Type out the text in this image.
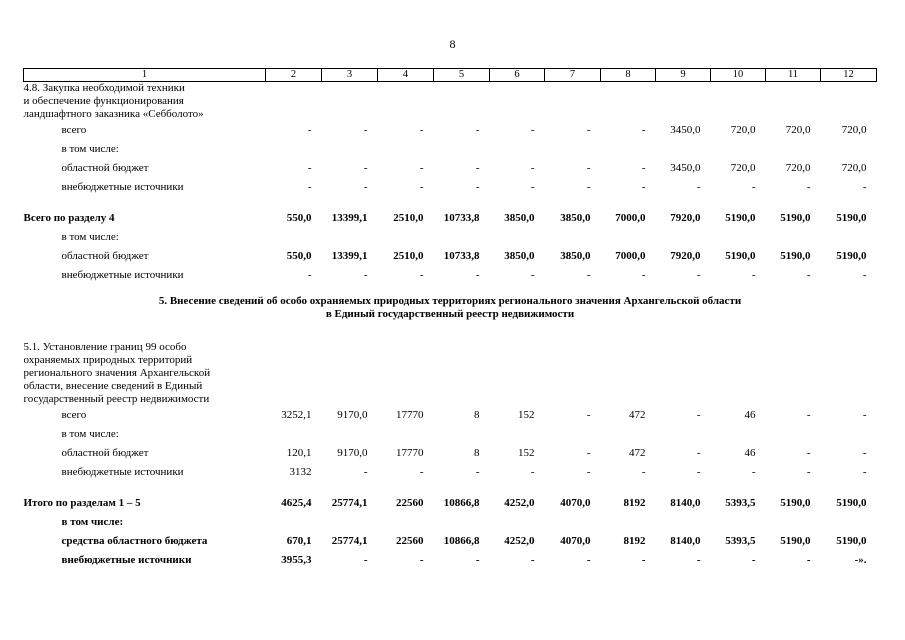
8
1	2	3	4	5	6	7	8	9	10	11	12

4.8. Закупка необходимой техники
и обеспечение функционирования
ландшафтного заказника «Себболото»											

всего	-	-	-	-	-	-	-	3450,0	720,0	720,0	720,0
в том числе:											
областной бюджет	-	-	-	-	-	-	-	3450,0	720,0	720,0	720,0
внебюджетные источники	-	-	-	-	-	-	-	-	-	-	-

Всего по разделу 4	550,0	13399,1	2510,0	10733,8	3850,0	3850,0	7000,0	7920,0	5190,0	5190,0	5190,0
в том числе:											
областной бюджет	550,0	13399,1	2510,0	10733,8	3850,0	3850,0	7000,0	7920,0	5190,0	5190,0	5190,0
внебюджетные источники	-	-	-	-	-	-	-	-	-	-	-

5. Внесение сведений об особо охраняемых природных территориях регионального значения Архангельской области
в Единый государственный реестр недвижимости											

5.1. Установление границ 99 особо
охраняемых природных территорий
регионального значения Архангельской
области, внесение сведений в Единый
государственный реестр недвижимости											

всего	3252,1	9170,0	17770	8	152	-	472	-	46	-	-
в том числе:											
областной бюджет	120,1	9170,0	17770	8	152	-	472	-	46	-	-
внебюджетные источники	3132	-	-	-	-	-	-	-	-	-	-

Итого по разделам 1 – 5	4625,4	25774,1	22560	10866,8	4252,0	4070,0	8192	8140,0	5393,5	5190,0	5190,0
в том числе:											
средства областного бюджета	670,1	25774,1	22560	10866,8	4252,0	4070,0	8192	8140,0	5393,5	5190,0	5190,0
внебюджетные источники	3955,3	-	-	-	-	-	-	-	-	-	-».
